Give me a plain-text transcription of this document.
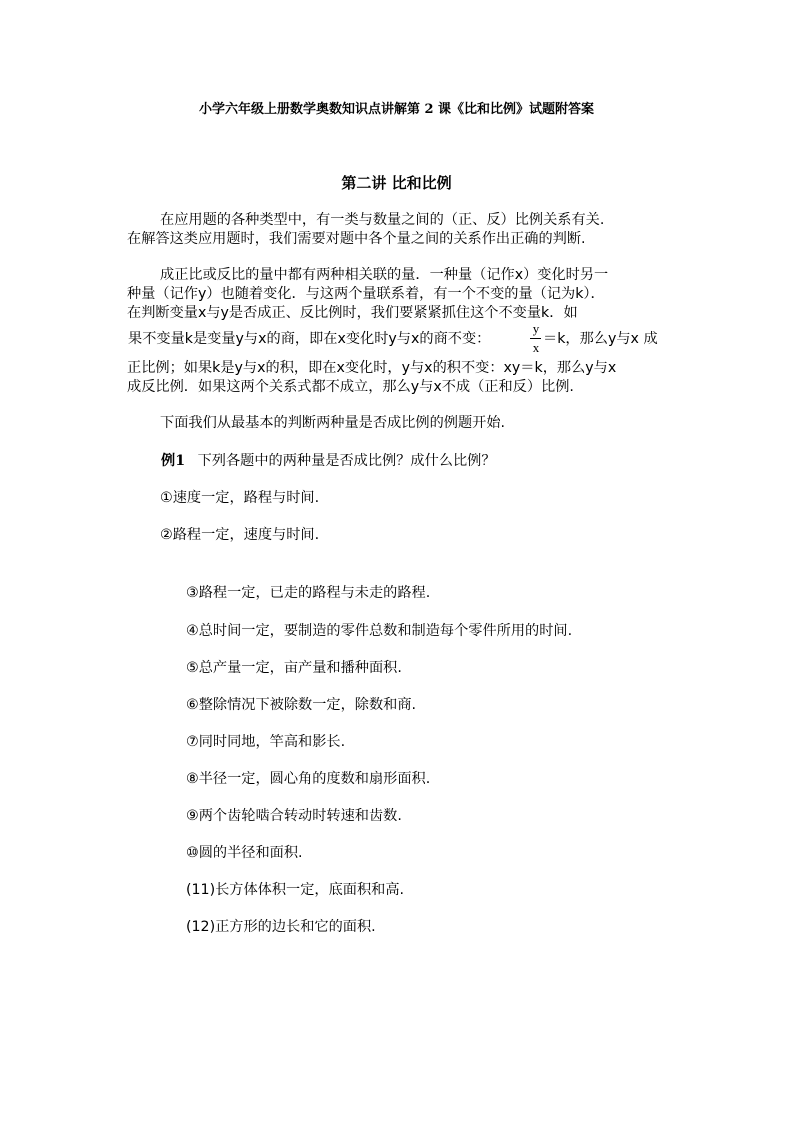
小学六年级上册数学奥数知识点讲解第 2 课《比和比例》试题附答案
第二讲 比和比例
在应用题的各种类型中，有一类与数量之间的（正、反）比例关系有关.
在解答这类应用题时，我们需要对题中各个量之间的关系作出正确的判断.
成正比或反比的量中都有两种相关联的量．一种量（记作x）变化时另一
种量（记作y）也随着变化．与这两个量联系着，有一个不变的量（记为k）．
在判断变量x与y是否成正、反比例时，我们要紧紧抓住这个不变量k．如
果不变量k是变量y与x的商，即在x变化时y与x的商不变：
y
x
＝k，那么y与x 成
正比例；如果k是y与x的积，即在x变化时，y与x的积不变：xy＝k，那么y与x
成反比例．如果这两个关系式都不成立，那么y与x不成（正和反）比例.
下面我们从最基本的判断两种量是否成比例的例题开始.
例1 下列各题中的两种量是否成比例？成什么比例？
①速度一定，路程与时间.
②路程一定，速度与时间.
③路程一定，已走的路程与未走的路程.
④总时间一定，要制造的零件总数和制造每个零件所用的时间.
⑤总产量一定，亩产量和播种面积.
⑥整除情况下被除数一定，除数和商.
⑦同时同地，竿高和影长.
⑧半径一定，圆心角的度数和扇形面积.
⑨两个齿轮啮合转动时转速和齿数.
⑩圆的半径和面积.
(11)长方体体积一定，底面积和高.
(12)正方形的边长和它的面积.
